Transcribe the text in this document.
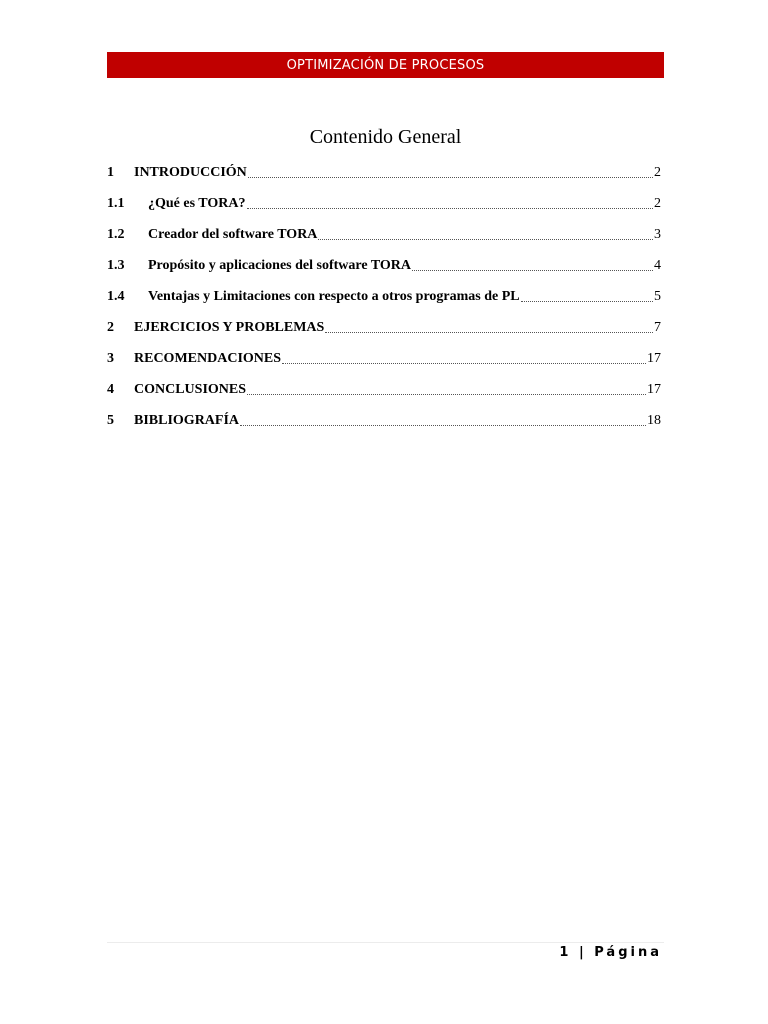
OPTIMIZACIÓN DE PROCESOS
Contenido General
1	INTRODUCCIÓN	2
1.1	¿Qué es TORA?	2
1.2	Creador del software TORA	3
1.3	Propósito y aplicaciones del software TORA	4
1.4	Ventajas y Limitaciones con respecto a otros programas de PL	5
2	EJERCICIOS Y PROBLEMAS	7
3	RECOMENDACIONES	17
4	CONCLUSIONES	17
5	BIBLIOGRAFÍA	18
1 | Página
